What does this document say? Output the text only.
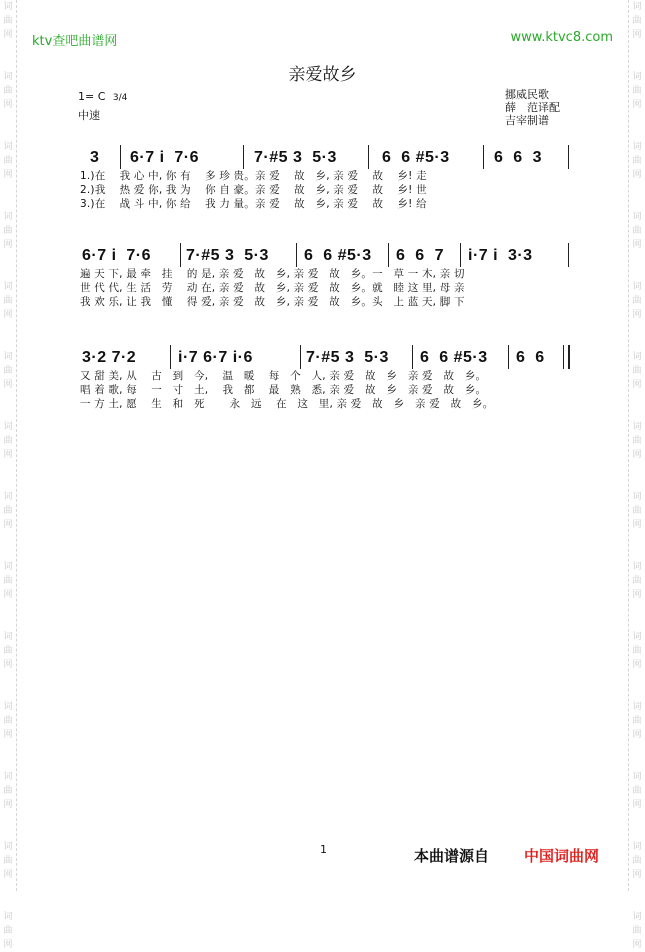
词
曲
网

词
曲
网

词
曲
网

词
曲
网

词
曲
网

词
曲
网

词
曲
网

词
曲
网

词
曲
网

词
曲
网

词
曲
网

词
曲
网

词
曲
网

词
曲
网
词
曲
网

词
曲
网

词
曲
网

词
曲
网

词
曲
网

词
曲
网

词
曲
网

词
曲
网

词
曲
网

词
曲
网

词
曲
网

词
曲
网

词
曲
网

词
曲
网
ktv查吧曲谱网	www.ktvc8.com
亲爱故乡
1= C 3/4
中速
挪威民歌
薛　范译配
吉宰制谱

3

6·7 i  7·6

	7·#5 3  5·3

	6  6 #5·3

	6  6  3

1.)在　 我 心 中, 你 有　 多 珍 贵。亲 爱　 故　乡, 亲 爱　 故　 乡! 走
2.)我　 热 爱 你, 我 为　 你 自 豪。亲 爱　 故　乡, 亲 爱　 故　 乡! 世
3.)在　 战 斗 中, 你 给　 我 力 量。亲 爱　 故　乡, 亲 爱　 故　 乡! 给

6·7 i  7·6

7·#5 3  5·3

6  6 #5·3

6  6  7

i·7 i  3·3

遍 天 下, 最 牵　挂　 的 是, 亲 爱　故　乡, 亲 爱　故　乡。一　草 一 木, 亲 切
世 代 代, 生 活　劳　 动 在, 亲 爱　故　乡, 亲 爱　故　乡。就　睦 这 里, 母 亲
我 欢 乐, 让 我　懂　 得 爱, 亲 爱　故　乡, 亲 爱　故　乡。头　上 蓝 天, 脚 下

3·2 7·2

	i·7 6·7 i·6

	7·#5 3  5·3

6  6 #5·3

6  6

又 甜 美, 从　 古　到　今,　 温　暖　 每　个　人, 亲 爱　故　乡　亲 爱　故　乡。
唱 着 歌, 每　 一　寸　土,　 我　都　 最　熟　悉, 亲 爱　故　乡　亲 爱　故　乡。
一 方 土, 愿　 生　和　死　　 永　远　 在　这　里, 亲 爱　故　乡　亲 爱　故　乡。
1	本曲谱源自 中国词曲网
